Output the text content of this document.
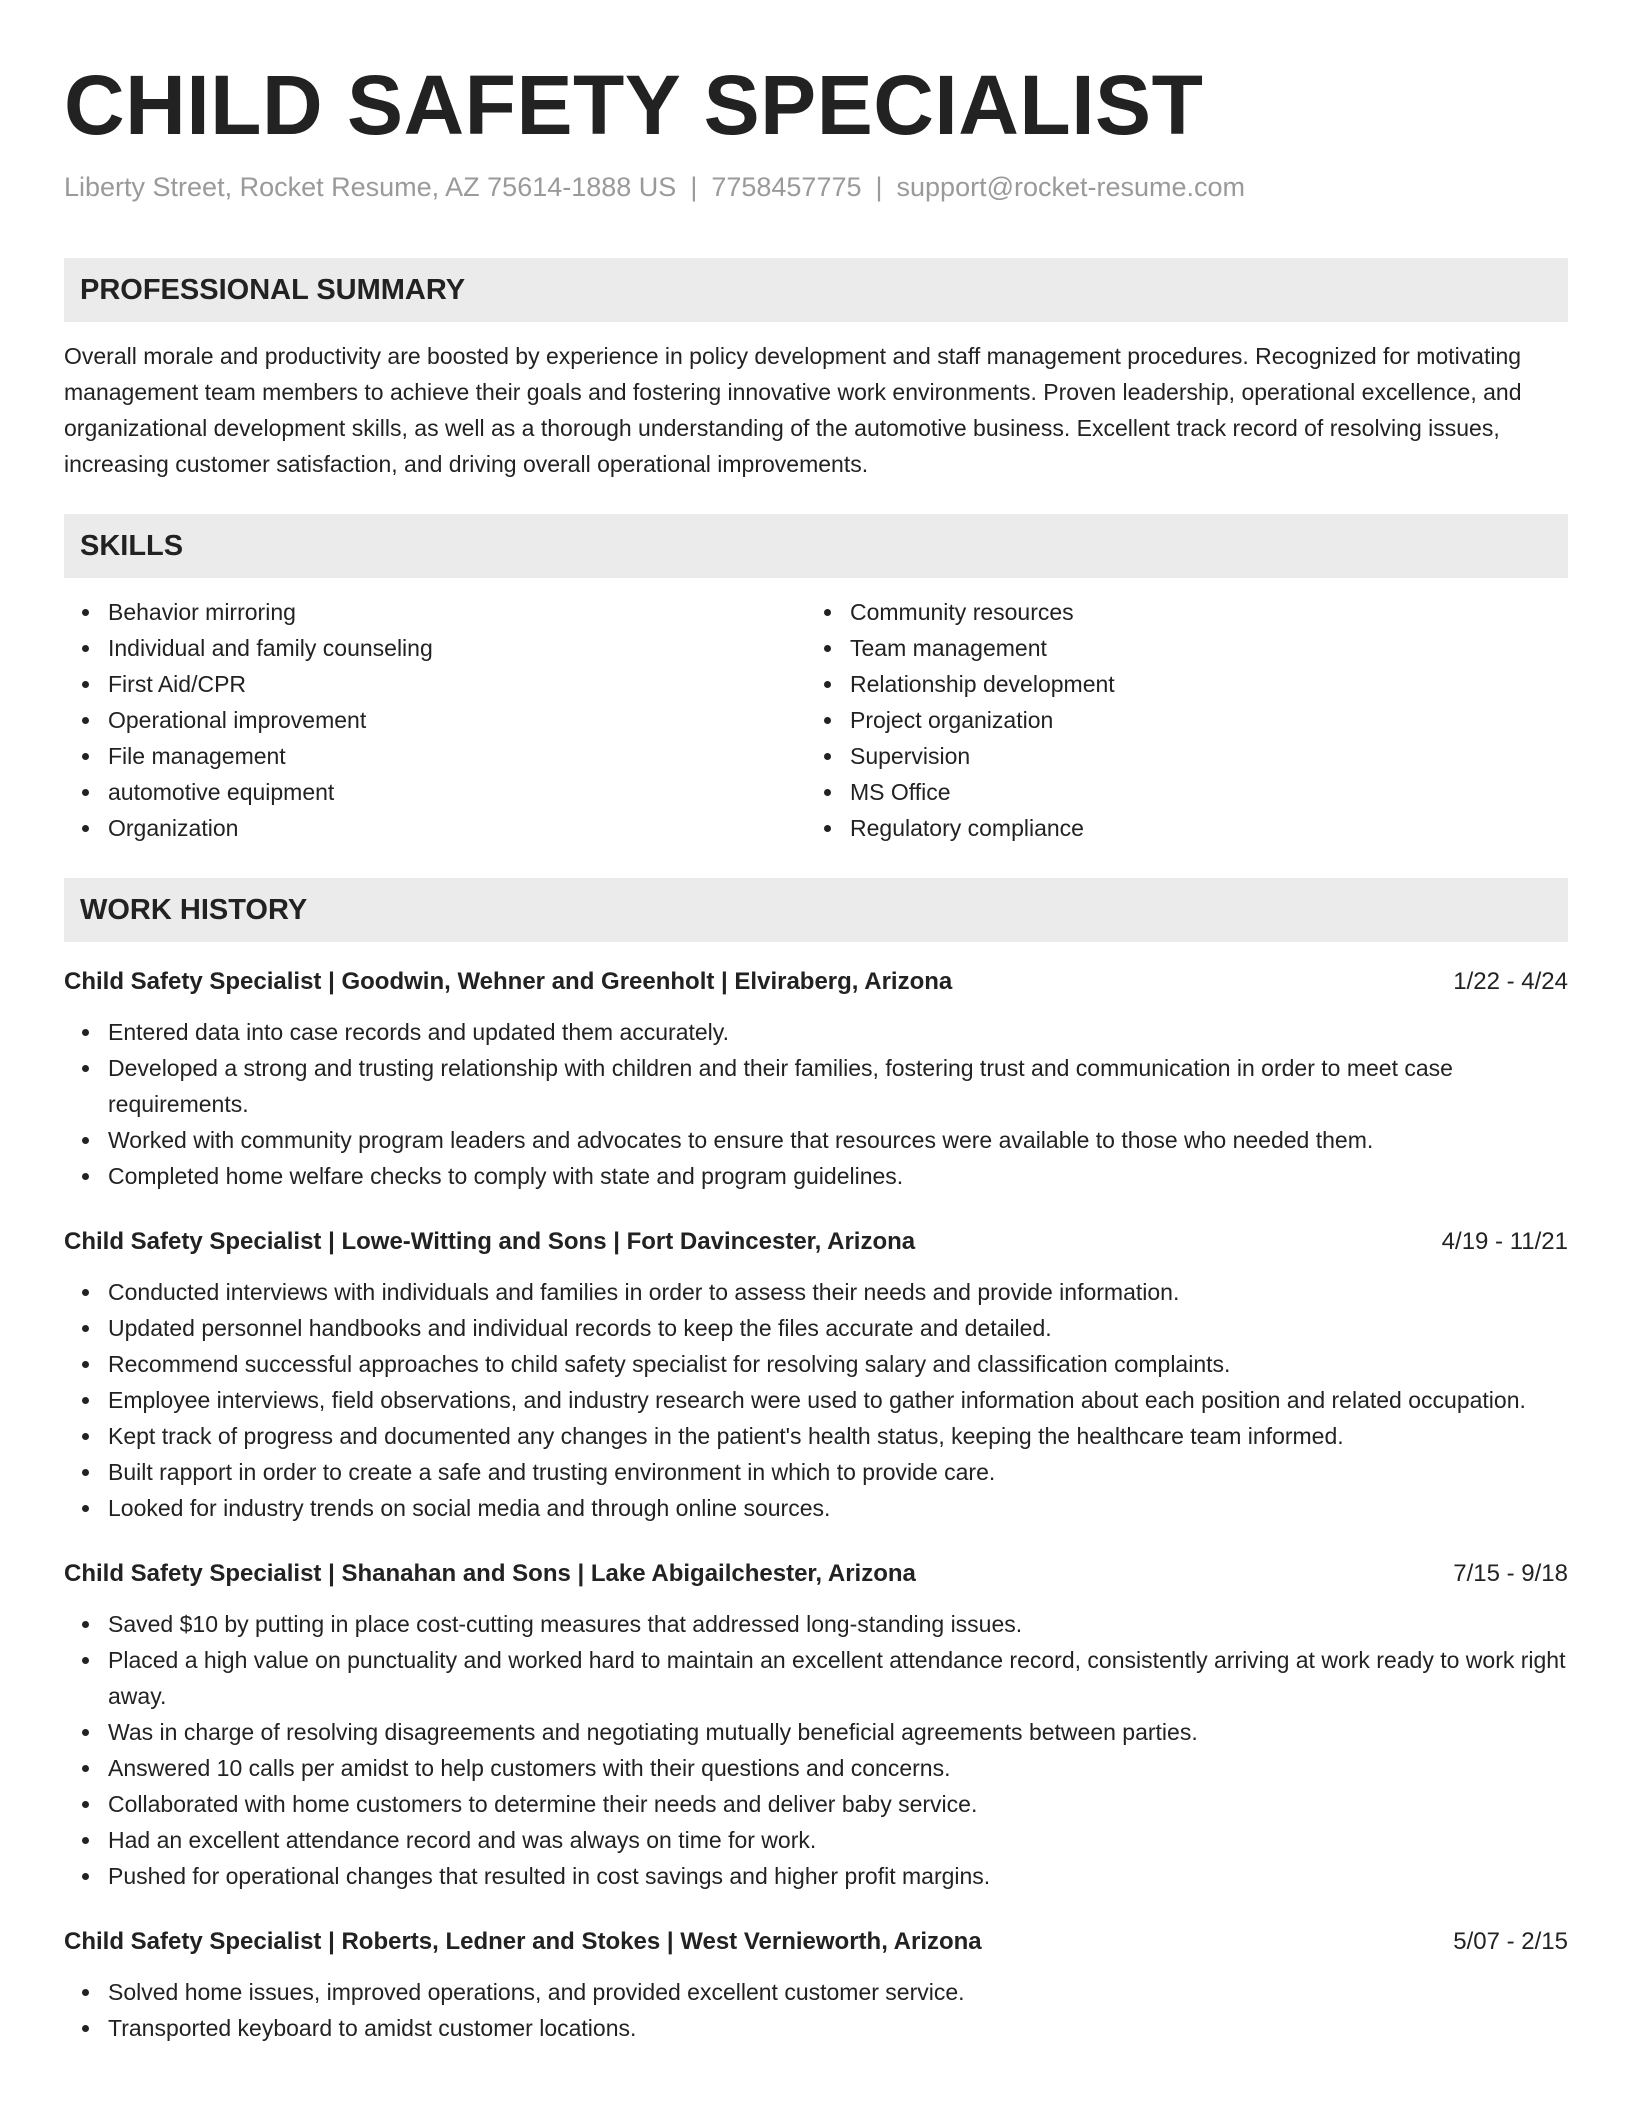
CHILD SAFETY SPECIALIST
Liberty Street, Rocket Resume, AZ 75614-1888 US | 7758457775 | support@rocket-resume.com
PROFESSIONAL SUMMARY
Overall morale and productivity are boosted by experience in policy development and staff management procedures. Recognized for motivating management team members to achieve their goals and fostering innovative work environments. Proven leadership, operational excellence, and organizational development skills, as well as a thorough understanding of the automotive business. Excellent track record of resolving issues, increasing customer satisfaction, and driving overall operational improvements.
SKILLS
Behavior mirroring
Individual and family counseling
First Aid/CPR
Operational improvement
File management
automotive equipment
Organization
Community resources
Team management
Relationship development
Project organization
Supervision
MS Office
Regulatory compliance
WORK HISTORY
Child Safety Specialist | Goodwin, Wehner and Greenholt | Elviraberg, Arizona	1/22 - 4/24
Entered data into case records and updated them accurately.
Developed a strong and trusting relationship with children and their families, fostering trust and communication in order to meet case requirements.
Worked with community program leaders and advocates to ensure that resources were available to those who needed them.
Completed home welfare checks to comply with state and program guidelines.
Child Safety Specialist | Lowe-Witting and Sons | Fort Davincester, Arizona	4/19 - 11/21
Conducted interviews with individuals and families in order to assess their needs and provide information.
Updated personnel handbooks and individual records to keep the files accurate and detailed.
Recommend successful approaches to child safety specialist for resolving salary and classification complaints.
Employee interviews, field observations, and industry research were used to gather information about each position and related occupation.
Kept track of progress and documented any changes in the patient's health status, keeping the healthcare team informed.
Built rapport in order to create a safe and trusting environment in which to provide care.
Looked for industry trends on social media and through online sources.
Child Safety Specialist | Shanahan and Sons | Lake Abigailchester, Arizona	7/15 - 9/18
Saved $10 by putting in place cost-cutting measures that addressed long-standing issues.
Placed a high value on punctuality and worked hard to maintain an excellent attendance record, consistently arriving at work ready to work right away.
Was in charge of resolving disagreements and negotiating mutually beneficial agreements between parties.
Answered 10 calls per amidst to help customers with their questions and concerns.
Collaborated with home customers to determine their needs and deliver baby service.
Had an excellent attendance record and was always on time for work.
Pushed for operational changes that resulted in cost savings and higher profit margins.
Child Safety Specialist | Roberts, Ledner and Stokes | West Vernieworth, Arizona	5/07 - 2/15
Solved home issues, improved operations, and provided excellent customer service.
Transported keyboard to amidst customer locations.
